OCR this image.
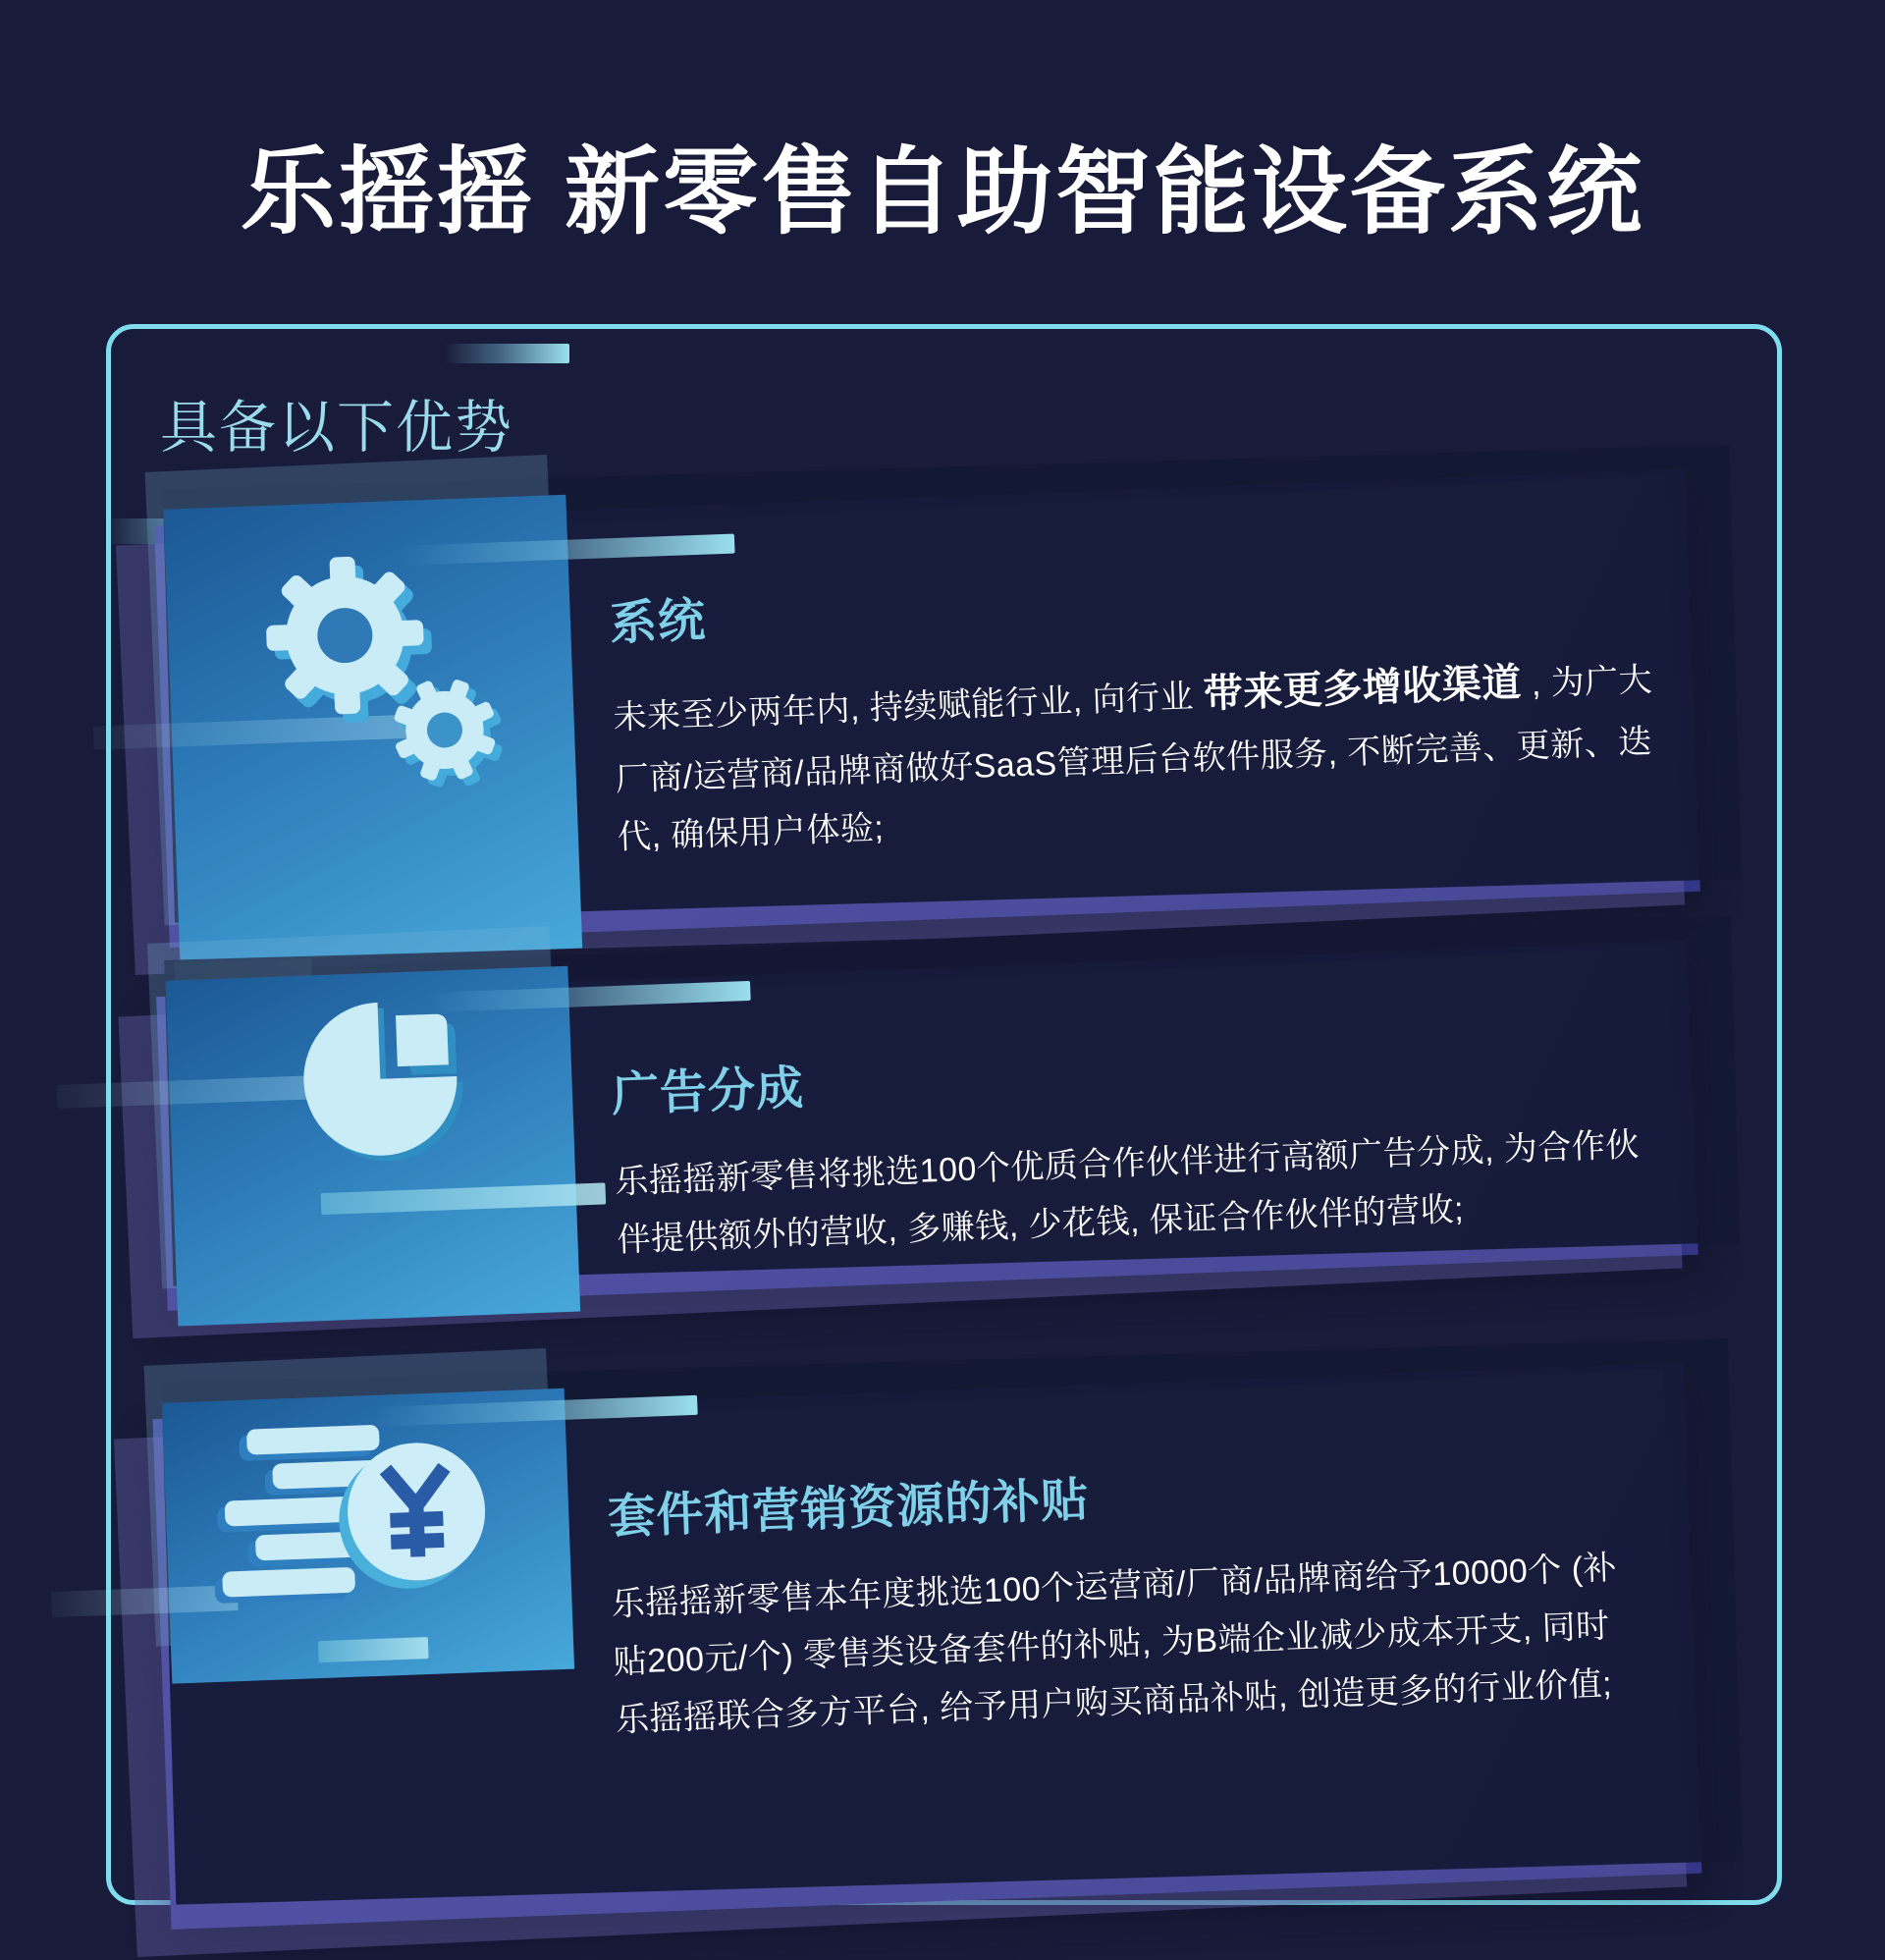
乐摇摇 新零售自助智能设备系统
具备以下优势
系统

未来至少两年内, 持续赋能行业, 向行业 带来更多增收渠道 , 为广大厂商/运营商/品牌商做好SaaS管理后台软件服务, 不断完善、更新、迭代, 确保用户体验;

广告分成

乐摇摇新零售将挑选100个优质合作伙伴进行高额广告分成, 为合作伙伴提供额外的营收, 多赚钱, 少花钱, 保证合作伙伴的营收;

套件和营销资源的补贴

乐摇摇新零售本年度挑选100个运营商/厂商/品牌商给予10000个 (补贴200元/个) 零售类设备套件的补贴, 为B端企业减少成本开支, 同时乐摇摇联合多方平台, 给予用户购买商品补贴, 创造更多的行业价值;
